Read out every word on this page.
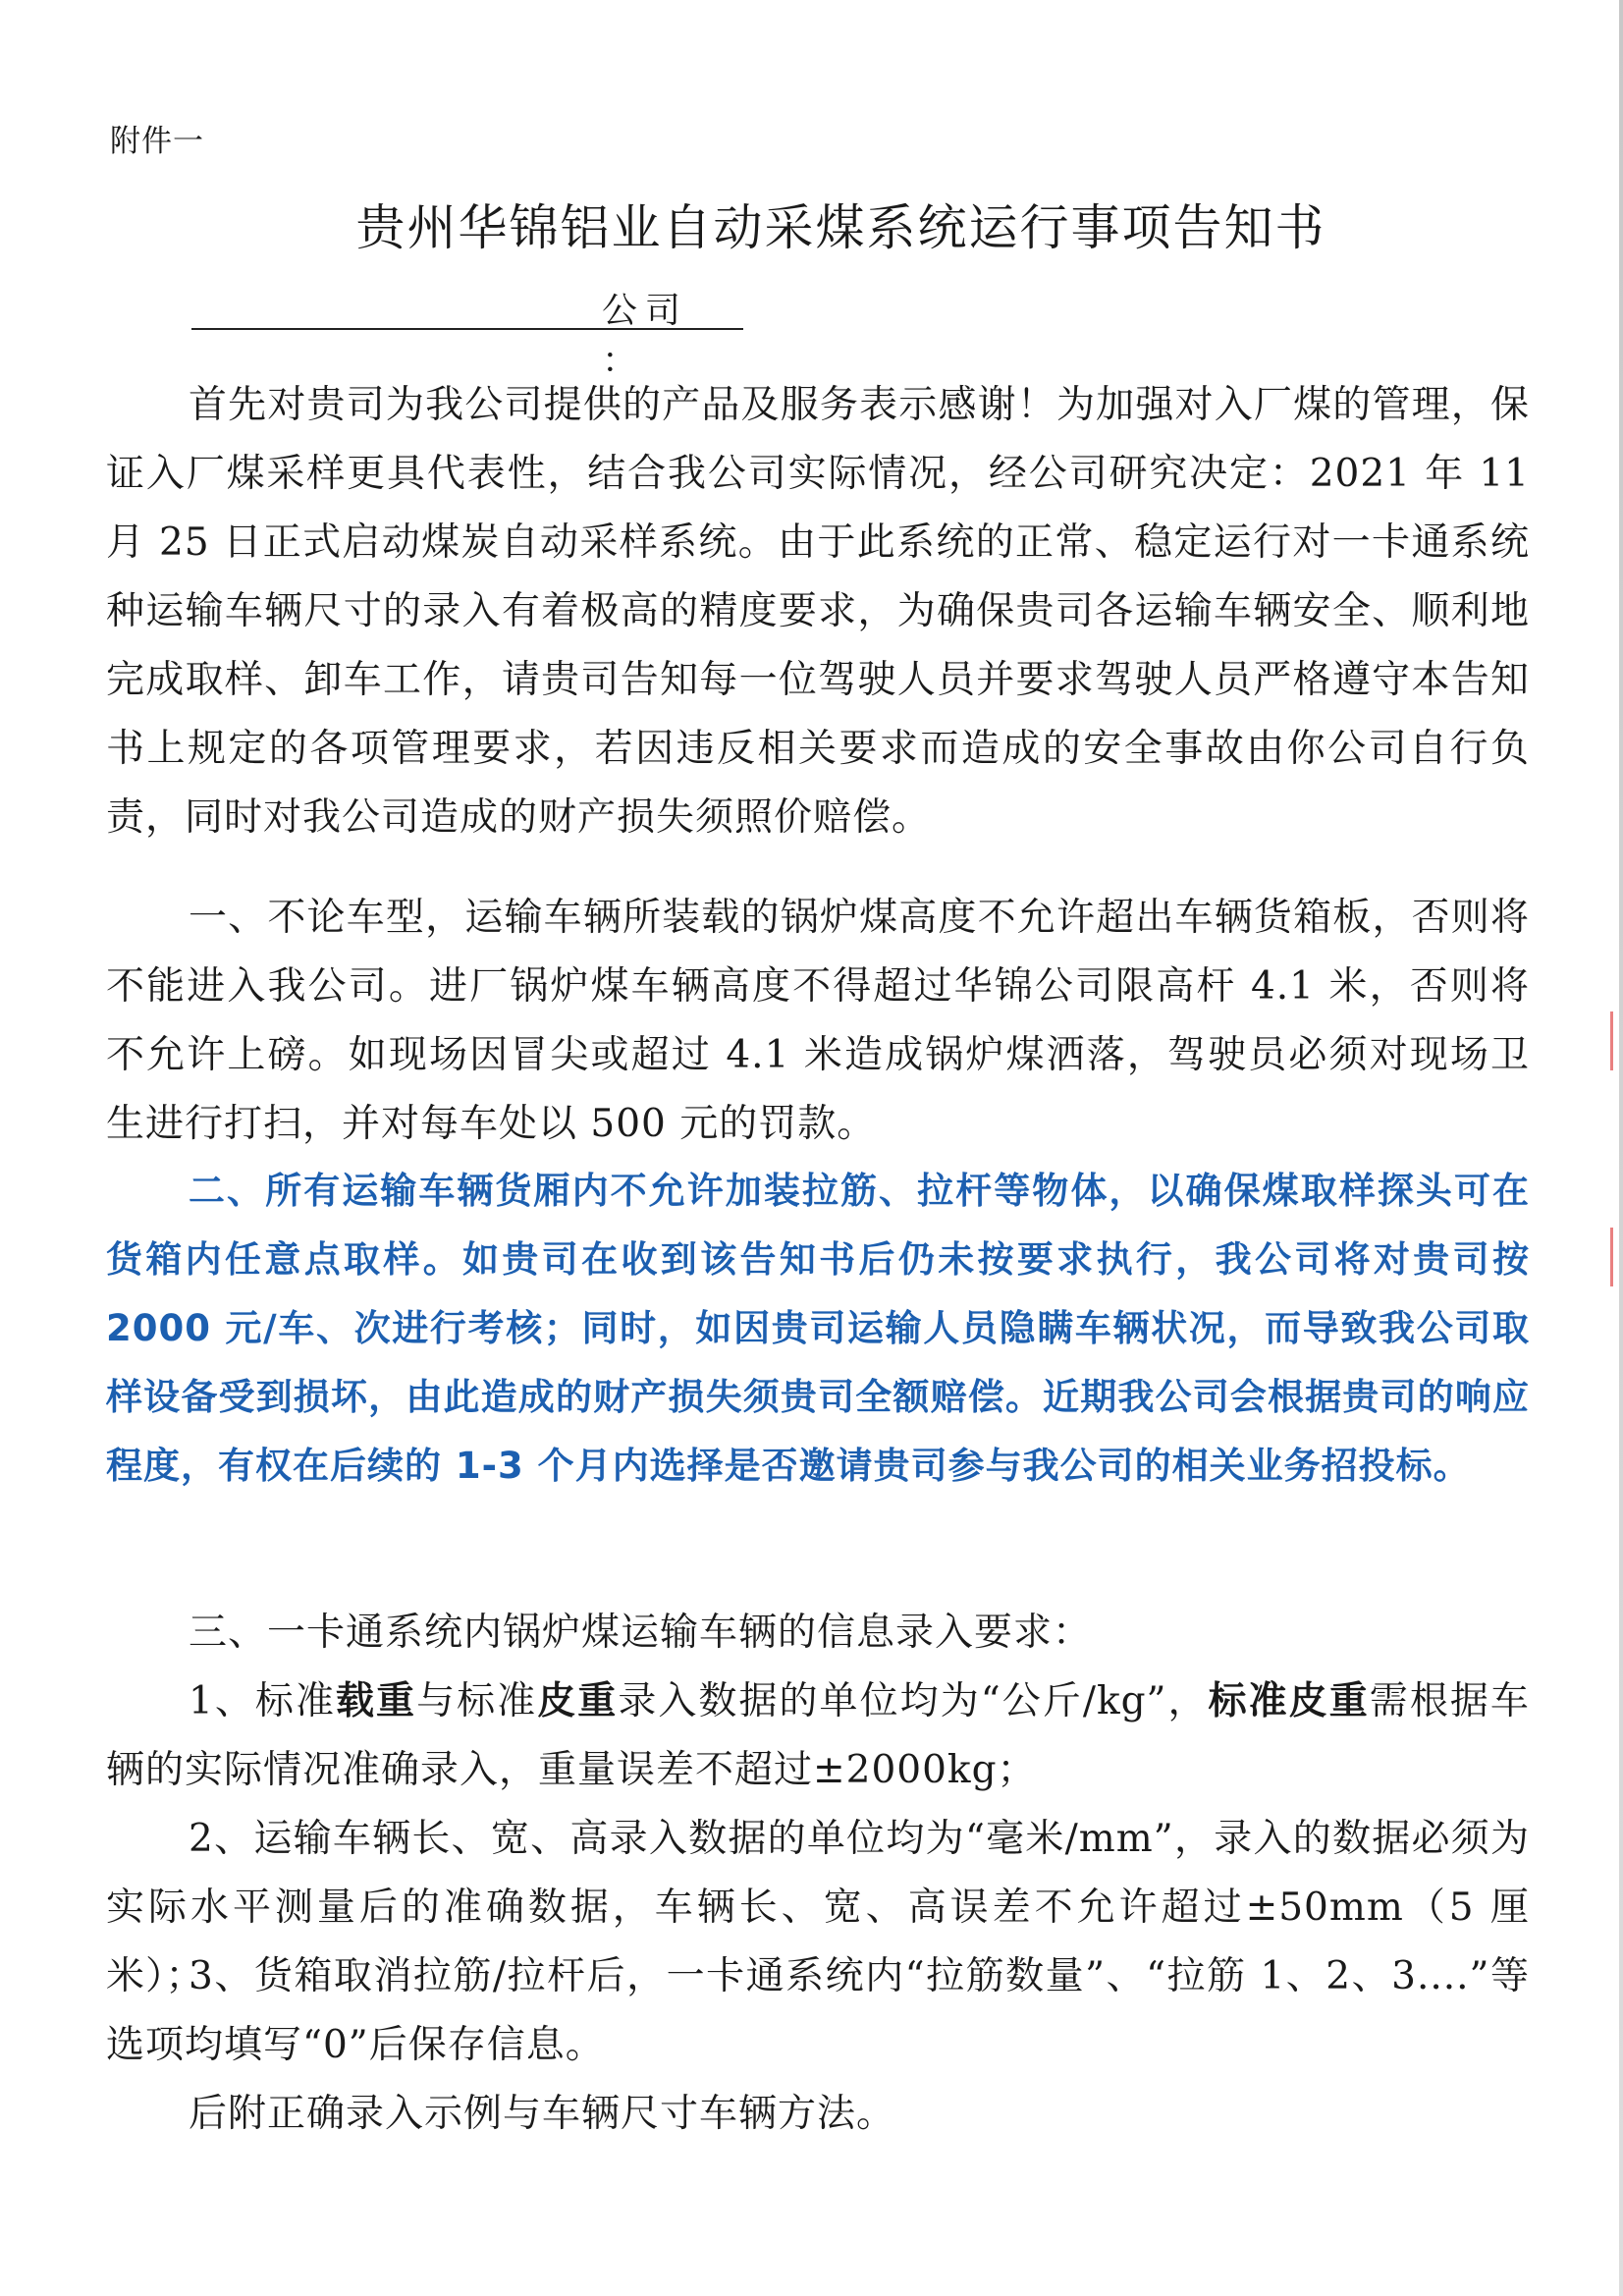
附件一
贵州华锦铝业自动采煤系统运行事项告知书
公司 ：
首先对贵司为我公司提供的产品及服务表示感谢！为加强对入厂煤的管理，保证入厂煤采样更具代表性，结合我公司实际情况，经公司研究决定：2021 年 11 月 25 日正式启动煤炭自动采样系统。由于此系统的正常、稳定运行对一卡通系统种运输车辆尺寸的录入有着极高的精度要求，为确保贵司各运输车辆安全、顺利地完成取样、卸车工作，请贵司告知每一位驾驶人员并要求驾驶人员严格遵守本告知书上规定的各项管理要求，若因违反相关要求而造成的安全事故由你公司自行负责，同时对我公司造成的财产损失须照价赔偿。
一、不论车型，运输车辆所装载的锅炉煤高度不允许超出车辆货箱板，否则将不能进入我公司。进厂锅炉煤车辆高度不得超过华锦公司限高杆 4.1 米，否则将不允许上磅。如现场因冒尖或超过 4.1 米造成锅炉煤洒落，驾驶员必须对现场卫生进行打扫，并对每车处以 500 元的罚款。
二、所有运输车辆货厢内不允许加装拉筋、拉杆等物体，以确保煤取样探头可在货箱内任意点取样。如贵司在收到该告知书后仍未按要求执行，我公司将对贵司按 2000 元/车、次进行考核；同时，如因贵司运输人员隐瞒车辆状况，而导致我公司取样设备受到损坏，由此造成的财产损失须贵司全额赔偿。近期我公司会根据贵司的响应程度，有权在后续的 1-3 个月内选择是否邀请贵司参与我公司的相关业务招投标。
三、一卡通系统内锅炉煤运输车辆的信息录入要求：
1、标准载重与标准皮重录入数据的单位均为“公斤/kg”，标准皮重需根据车辆的实际情况准确录入，重量误差不超过±2000kg；
2、运输车辆长、宽、高录入数据的单位均为“毫米/mm”，录入的数据必须为实际水平测量后的准确数据，车辆长、宽、高误差不允许超过±50mm（5 厘米）；
3、货箱取消拉筋/拉杆后，一卡通系统内“拉筋数量”、“拉筋 1、2、3....”等选项均填写“0”后保存信息。
后附正确录入示例与车辆尺寸车辆方法。
